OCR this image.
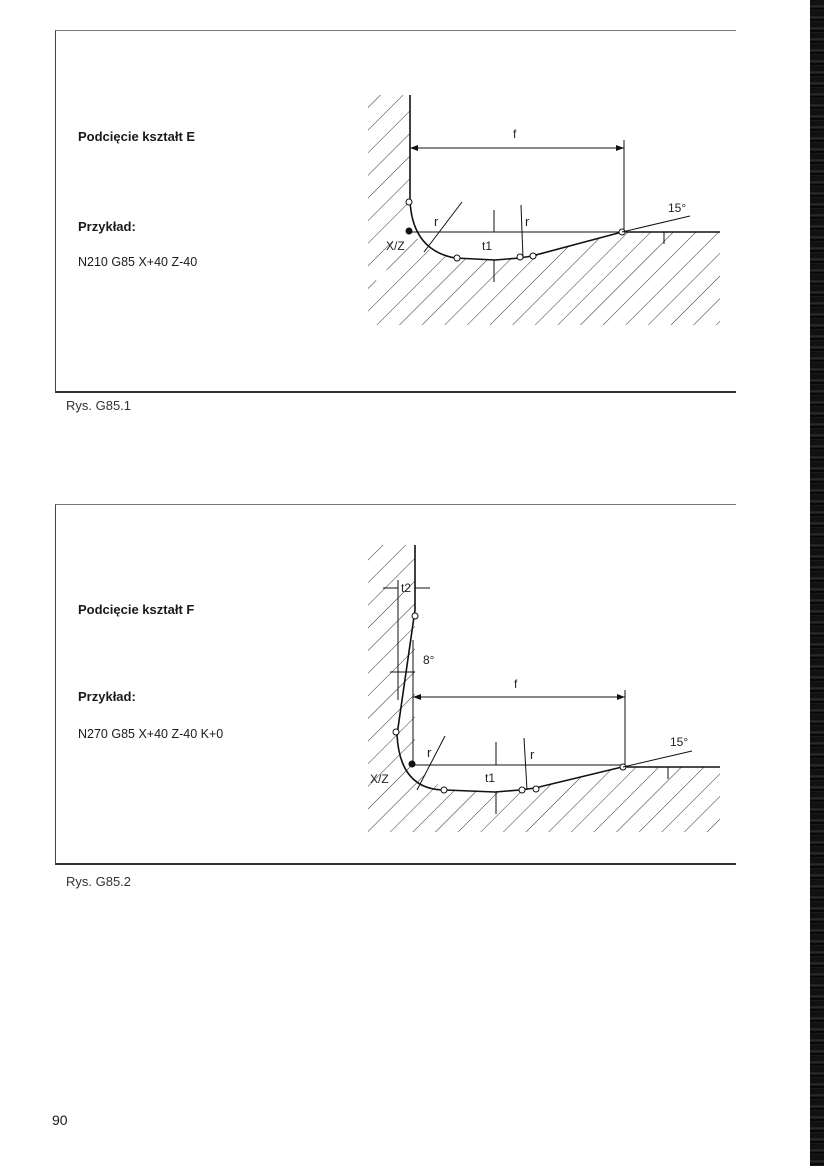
Podcięcie kształt E
Przykład:
N210 G85 X+40 Z-40
Rys. G85.1
f
r	r
t1
X/Z
15°
Podcięcie kształt F
Przykład:
N270 G85 X+40 Z-40 K+0
Rys. G85.2
t2
8°
f
r	r
t1
X/Z
15°
90
